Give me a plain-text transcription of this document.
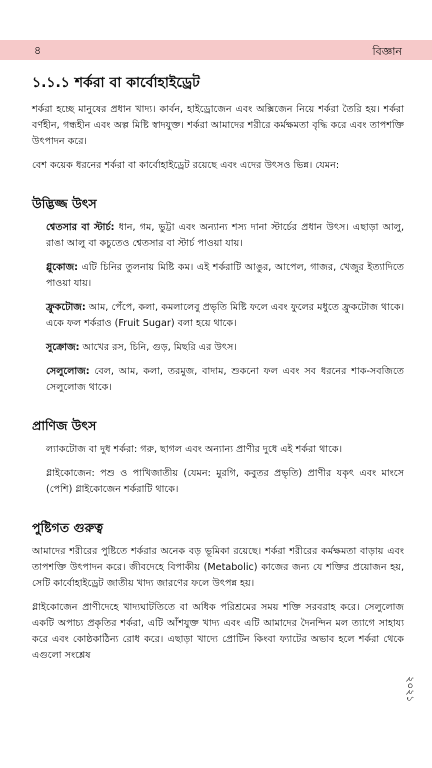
৪	বিজ্ঞান
১.১.১ শর্করা বা কার্বোহাইড্রেট

শর্করা হচ্ছে মানুষের প্রধান খাদ্য। কার্বন, হাইড্রোজেন এবং অক্সিজেন নিয়ে শর্করা তৈরি হয়। শর্করা বর্ণহীন, গন্ধহীন এবং অল্প মিষ্টি স্বাদযুক্ত। শর্করা আমাদের শরীরে কর্মক্ষমতা বৃদ্ধি করে এবং তাপশক্তি উৎপাদন করে।

বেশ কয়েক ধরনের শর্করা বা কার্বোহাইড্রেট রয়েছে এবং এদের উৎসও ভিন্ন। যেমন:

উদ্ভিজ্জ উৎস

শ্বেতসার বা স্টার্চ: ধান, গম, ভুট্টা এবং অন্যান্য শস্য দানা স্টার্চের প্রধান উৎস। এছাড়া আলু, রাঙা আলু বা কচুতেও শ্বেতসার বা স্টার্চ পাওয়া যায়।

গ্লুকোজ: এটি চিনির তুলনায় মিষ্টি কম। এই শর্করাটি আঙুর, আপেল, গাজর, খেজুর ইত্যাদিতে পাওয়া যায়।

ফ্রুকটোজ: আম, পেঁপে, কলা, কমলালেবু প্রভৃতি মিষ্টি ফলে এবং ফুলের মধুতে ফ্রুকটোজ থাকে। একে ফল শর্করাও (Fruit Sugar) বলা হয়ে থাকে।

সুক্রোজ: আখের রস, চিনি, গুড়, মিছরি এর উৎস।

সেলুলোজ: বেল, আম, কলা, তরমুজ, বাদাম, শুকনো ফল এবং সব ধরনের শাক-সবজিতে সেলুলোজ থাকে।

প্রাণিজ উৎস

ল্যাকটোজ বা দুধ শর্করা: গরু, ছাগল এবং অন্যান্য প্রাণীর দুধে এই শর্করা থাকে।

গ্লাইকোজেন: পশু ও পাখিজাতীয় (যেমন: মুরগি, কবুতর প্রভৃতি) প্রাণীর যকৃৎ এবং মাংসে (পেশি) গ্লাইকোজেন শর্করাটি থাকে।

পুষ্টিগত গুরুত্ব

আমাদের শরীরের পুষ্টিতে শর্করার অনেক বড় ভূমিকা রয়েছে। শর্করা শরীরের কর্মক্ষমতা বাড়ায় এবং তাপশক্তি উৎপাদন করে। জীবদেহে বিপাকীয় (Metabolic) কাজের জন্য যে শক্তির প্রয়োজন হয়, সেটি কার্বোহাইড্রেট জাতীয় খাদ্য জারণের ফলে উৎপন্ন হয়।

গ্লাইকোজেন প্রাণীদেহে খাদ্যঘাটতিতে বা অধিক পরিশ্রমের সময় শক্তি সরবরাহ করে। সেলুলোজ একটি অপাচ্য প্রকৃতির শর্করা, এটি আঁশযুক্ত খাদ্য এবং এটি আমাদের দৈনন্দিন মল ত্যাগে সাহায্য করে এবং কোষ্ঠকাঠিন্য রোধ করে। এছাড়া খাদ্যে প্রোটিন কিংবা ফ্যাটের অভাব হলে শর্করা থেকে এগুলো সংশ্লেষ

২০২১
